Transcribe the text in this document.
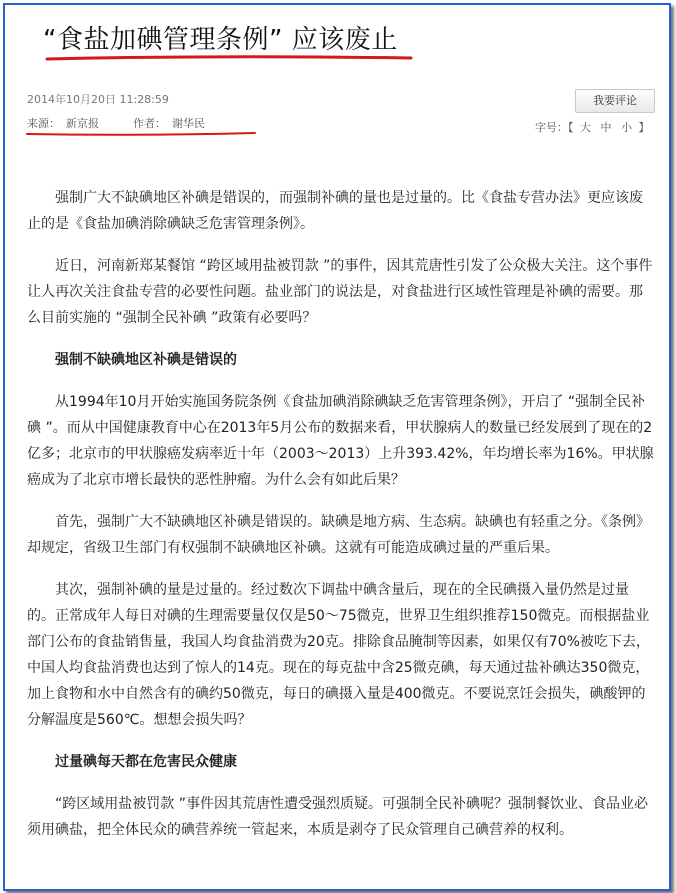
“食盐加碘管理条例” 应该废止
2014年10月20日 11:28:59
来源： 新京报	作者： 谢华民
我要评论
字号：【 大 中 小 】

强制广大不缺碘地区补碘是错误的，而强制补碘的量也是过量的。比《食盐专营办法》更应该废止的是《食盐加碘消除碘缺乏危害管理条例》。

近日，河南新郑某餐馆 “跨区域用盐被罚款 ”的事件，因其荒唐性引发了公众极大关注。这个事件让人再次关注食盐专营的必要性问题。盐业部门的说法是，对食盐进行区域性管理是补碘的需要。那么目前实施的 “强制全民补碘 ”政策有必要吗？

强制不缺碘地区补碘是错误的

从1994年10月开始实施国务院条例《食盐加碘消除碘缺乏危害管理条例》，开启了 “强制全民补碘 ”。而从中国健康教育中心在2013年5月公布的数据来看，甲状腺病人的数量已经发展到了现在的2亿多；北京市的甲状腺癌发病率近十年（2003～2013）上升393.42%，年均增长率为16%。甲状腺癌成为了北京市增长最快的恶性肿瘤。为什么会有如此后果？

首先，强制广大不缺碘地区补碘是错误的。缺碘是地方病、生态病。缺碘也有轻重之分。《条例》却规定，省级卫生部门有权强制不缺碘地区补碘。这就有可能造成碘过量的严重后果。

其次，强制补碘的量是过量的。经过数次下调盐中碘含量后，现在的全民碘摄入量仍然是过量的。正常成年人每日对碘的生理需要量仅仅是50～75微克，世界卫生组织推荐150微克。而根据盐业部门公布的食盐销售量，我国人均食盐消费为20克。排除食品腌制等因素，如果仅有70%被吃下去，中国人均食盐消费也达到了惊人的14克。现在的每克盐中含25微克碘，每天通过盐补碘达350微克，加上食物和水中自然含有的碘约50微克，每日的碘摄入量是400微克。不要说烹饪会损失，碘酸钾的分解温度是560℃。想想会损失吗？

过量碘每天都在危害民众健康

“跨区域用盐被罚款 ”事件因其荒唐性遭受强烈质疑。可强制全民补碘呢？强制餐饮业、食品业必须用碘盐，把全体民众的碘营养统一管起来，本质是剥夺了民众管理自己碘营养的权利。
